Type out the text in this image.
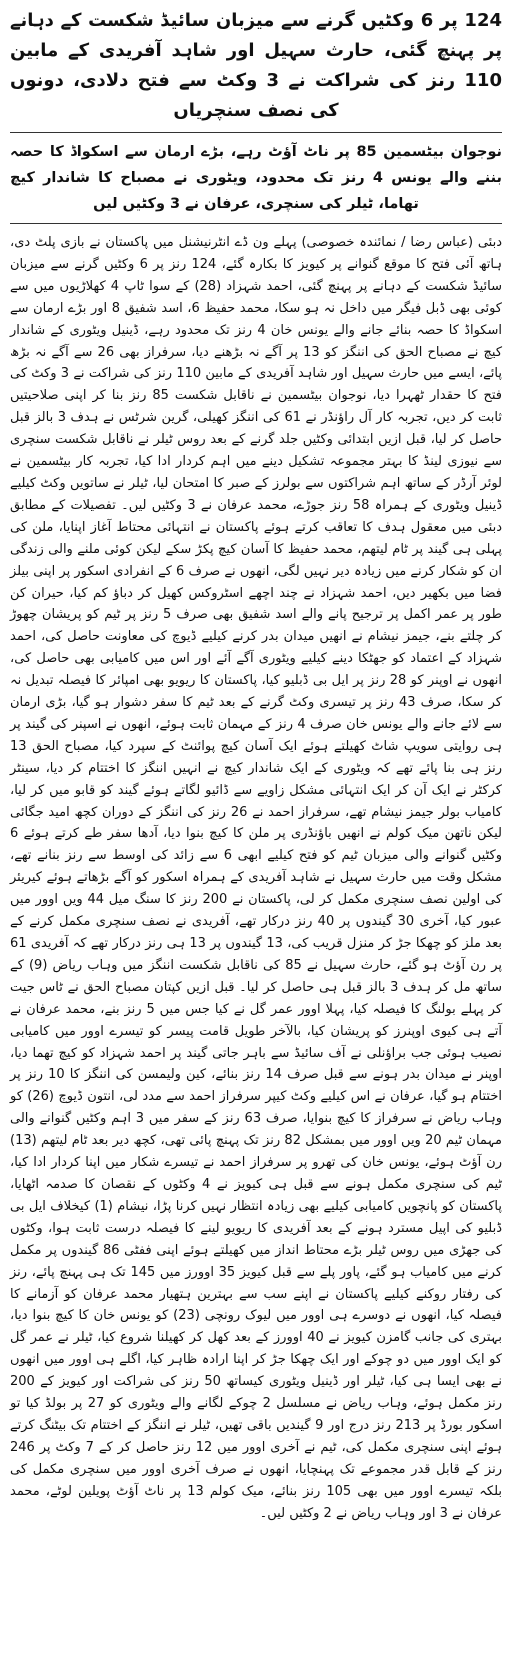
124 پر 6 وکٹیں گرنے سے میزبان سائیڈ شکست کے دہانے پر پہنچ گئی، حارث سہیل اور شاہد آفریدی کے مابین 110 رنز کی شراکت نے 3 وکٹ سے فتح دلادی، دونوں کی نصف سنچریاں
نوجوان بیٹسمین 85 پر ناٹ آؤٹ رہے، بڑے ارمان سے اسکواڈ کا حصہ بننے والے یونس 4 رنز تک محدود، ویٹوری نے مصباح کا شاندار کیچ تھاما، ٹیلر کی سنچری، عرفان نے 3 وکٹیں لیں

دبئی (عباس رضا / نمائندہ خصوصی) پہلے ون ڈے انٹرنیشنل میں پاکستان نے بازی پلٹ دی، ہاتھ آئی فتح کا موقع گنوانے پر کیویز کا بکارہ گئے، 124 رنز پر 6 وکٹیں گرنے سے میزبان سائیڈ شکست کے دہانے پر پہنچ گئی، احمد شہزاد (28) کے سوا ٹاپ 4 کھلاڑیوں میں سے کوئی بھی ڈبل فیگر میں داخل نہ ہو سکا، محمد حفیظ 6، اسد شفیق 8 اور بڑے ارمان سے اسکواڈ کا حصہ بنائے جانے والے یونس خان 4 رنز تک محدود رہے، ڈینیل ویٹوری کے شاندار کیچ نے مصباح الحق کی اننگز کو 13 پر آگے نہ بڑھنے دیا، سرفراز بھی 26 سے آگے نہ بڑھ پائے، ایسے میں حارث سہیل اور شاہد آفریدی کے مابین 110 رنز کی شراکت نے 3 وکٹ کی فتح کا حقدار ٹھہرا دیا، نوجوان بیٹسمین نے ناقابل شکست 85 رنز بنا کر اپنی صلاحیتیں ثابت کر دیں، تجربہ کار آل راؤنڈر نے 61 کی اننگز کھیلی، گرین شرٹس نے ہدف 3 بالز قبل حاصل کر لیا، قبل ازیں ابتدائی وکٹیں جلد گرنے کے بعد روس ٹیلر نے ناقابل شکست سنچری سے نیوزی لینڈ کا بہتر مجموعہ تشکیل دینے میں اہم کردار ادا کیا، تجربہ کار بیٹسمین نے لوئر آرڈر کے ساتھ اہم شراکتوں سے بولرز کے صبر کا امتحان لیا، ٹیلر نے ساتویں وکٹ کیلیے ڈینیل ویٹوری کے ہمراہ 58 رنز جوڑے، محمد عرفان نے 3 وکٹیں لیں۔ تفصیلات کے مطابق دبئی میں معقول ہدف کا تعاقب کرتے ہوئے پاکستان نے انتہائی محتاط آغاز اپنایا، ملن کی پہلی ہی گیند پر ٹام لیتھم، محمد حفیظ کا آسان کیچ پکڑ سکے لیکن کوئی ملنے والی زندگی ان کو شکار کرنے میں زیادہ دیر نہیں لگی، انھوں نے صرف 6 کے انفرادی اسکور پر اپنی بیلز فضا میں بکھیر دیں، احمد شہزاد نے چند اچھے اسٹروکس کھیل کر دباؤ کم کیا، حیران کن طور پر عمر اکمل پر ترجیح پانے والے اسد شفیق بھی صرف 5 رنز پر ٹیم کو پریشان چھوڑ کر چلتے بنے، جیمز نیشام نے انھیں میدان بدر کرنے کیلیے ڈیوچ کی معاونت حاصل کی، احمد شہزاد کے اعتماد کو جھٹکا دینے کیلیے ویٹوری آگے آئے اور اس میں کامیابی بھی حاصل کی، انھوں نے اوپنر کو 28 رنز پر ایل بی ڈبلیو کیا، پاکستان کا ریویو بھی امپائر کا فیصلہ تبدیل نہ کر سکا، صرف 43 رنز پر تیسری وکٹ گرنے کے بعد ٹیم کا سفر دشوار ہو گیا، بڑی ارمان سے لائے جانے والے یونس خان صرف 4 رنز کے مہمان ثابت ہوئے، انھوں نے اسپنر کی گیند پر ہی روایتی سویپ شاٹ کھیلتے ہوئے ایک آسان کیچ پوائنٹ کے سپرد کیا، مصباح الحق 13 رنز ہی بنا پائے تھے کہ ویٹوری کے ایک شاندار کیچ نے انہیں اننگز کا اختتام کر دیا، سینٹر کرکٹر نے ایک آن کر ایک انتہائی مشکل زاویے سے ڈائیو لگاتے ہوئے گیند کو قابو میں کر لیا، کامیاب بولر جیمز نیشام تھے، سرفراز احمد نے 26 رنز کی اننگز کے دوران کچھ امید جگائی لیکن ناتھن میک کولم نے انھیں باؤنڈری پر ملن کا کیچ بنوا دیا، آدھا سفر طے کرتے ہوئے 6 وکٹیں گنوانے والی میزبان ٹیم کو فتح کیلیے ابھی 6 سے زائد کی اوسط سے رنز بنانے تھے، مشکل وقت میں حارث سہیل نے شاہد آفریدی کے ہمراہ اسکور کو آگے بڑھاتے ہوئے کیریئر کی اولین نصف سنچری مکمل کر لی، پاکستان نے 200 رنز کا سنگ میل 44 ویں اوور میں عبور کیا، آخری 30 گیندوں پر 40 رنز درکار تھے، آفریدی نے نصف سنچری مکمل کرنے کے بعد ملز کو چھکا جڑ کر منزل قریب کی، 13 گیندوں پر 13 ہی رنز درکار تھے کہ آفریدی 61 پر رن آؤٹ ہو گئے، حارث سہیل نے 85 کی ناقابل شکست اننگز میں وہاب ریاض (9) کے ساتھ مل کر ہدف 3 بالز قبل ہی حاصل کر لیا۔ قبل ازیں کپتان مصباح الحق نے ٹاس جیت کر پہلے بولنگ کا فیصلہ کیا، پہلا اوور عمر گل نے کیا جس میں 5 رنز بنے، محمد عرفان نے آتے ہی کیوی اوپنرز کو پریشان کیا، بالآخر طویل قامت پیسر کو تیسرے اوور میں کامیابی نصیب ہوئی جب براؤنلی نے آف سائیڈ سے باہر جاتی گیند پر احمد شہزاد کو کیچ تھما دیا، اوپنر نے میدان بدر ہونے سے قبل صرف 14 رنز بنائے، کین ولیمسن کی اننگز کا 10 رنز پر اختتام ہو گیا، عرفان نے اس کیلیے وکٹ کیپر سرفراز احمد سے مدد لی، انتون ڈیوچ (26) کو وہاب ریاض نے سرفراز کا کیچ بنوایا، صرف 63 رنز کے سفر میں 3 اہم وکٹیں گنوانے والی مہمان ٹیم 20 ویں اوور میں بمشکل 82 رنز تک پہنچ پائی تھی، کچھ دیر بعد ٹام لیتھم (13) رن آؤٹ ہوئے، یونس خان کی تھرو پر سرفراز احمد نے تیسرے شکار میں اپنا کردار ادا کیا، ٹیم کی سنچری مکمل ہونے سے قبل ہی کیویز نے 4 وکٹوں کے نقصان کا صدمہ اٹھایا، پاکستان کو پانچویں کامیابی کیلیے بھی زیادہ انتظار نہیں کرنا پڑا، نیشام (1) کیخلاف ایل بی ڈبلیو کی اپیل مسترد ہونے کے بعد آفریدی کا ریویو لینے کا فیصلہ درست ثابت ہوا، وکٹوں کی جھڑی میں روس ٹیلر بڑے محتاط انداز میں کھیلتے ہوئے اپنی ففٹی 86 گیندوں پر مکمل کرنے میں کامیاب ہو گئے، پاور پلے سے قبل کیویز 35 اوورز میں 145 تک ہی پہنچ پائے، رنز کی رفتار روکنے کیلیے پاکستان نے اپنے سب سے بہترین ہتھیار محمد عرفان کو آزمانے کا فیصلہ کیا، انھوں نے دوسرے ہی اوور میں لیوک رونچی (23) کو یونس خان کا کیچ بنوا دیا، بہتری کی جانب گامزن کیویز نے 40 اوورز کے بعد کھل کر کھیلنا شروع کیا، ٹیلر نے عمر گل کو ایک اوور میں دو چوکے اور ایک چھکا جڑ کر اپنا ارادہ ظاہر کیا، اگلے ہی اوور میں انھوں نے بھی ایسا ہی کیا، ٹیلر اور ڈینیل ویٹوری کیساتھ 50 رنز کی شراکت اور کیویز کے 200 رنز مکمل ہوئے، وہاب ریاض نے مسلسل 2 چوکے لگانے والے ویٹوری کو 27 پر بولڈ کیا تو اسکور بورڈ پر 213 رنز درج اور 9 گیندیں باقی تھیں، ٹیلر نے اننگز کے اختتام تک بیٹنگ کرتے ہوئے اپنی سنچری مکمل کی، ٹیم نے آخری اوور میں 12 رنز حاصل کر کے 7 وکٹ پر 246 رنز کے قابل قدر مجموعے تک پہنچایا، انھوں نے صرف آخری اوور میں سنچری مکمل کی بلکہ تیسرے اوور میں بھی 105 رنز بنائے، میک کولم 13 پر ناٹ آؤٹ پویلین لوٹے، محمد عرفان نے 3 اور وہاب ریاض نے 2 وکٹیں لیں۔
